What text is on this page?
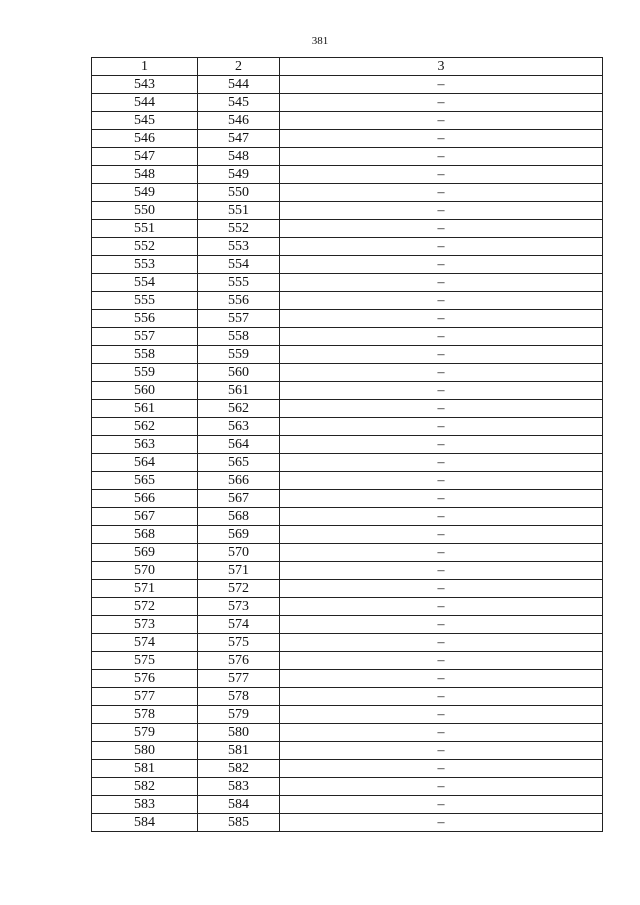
381
1	2	3
543	544	–
544	545	–
545	546	–
546	547	–
547	548	–
548	549	–
549	550	–
550	551	–
551	552	–
552	553	–
553	554	–
554	555	–
555	556	–
556	557	–
557	558	–
558	559	–
559	560	–
560	561	–
561	562	–
562	563	–
563	564	–
564	565	–
565	566	–
566	567	–
567	568	–
568	569	–
569	570	–
570	571	–
571	572	–
572	573	–
573	574	–
574	575	–
575	576	–
576	577	–
577	578	–
578	579	–
579	580	–
580	581	–
581	582	–
582	583	–
583	584	–
584	585	–
